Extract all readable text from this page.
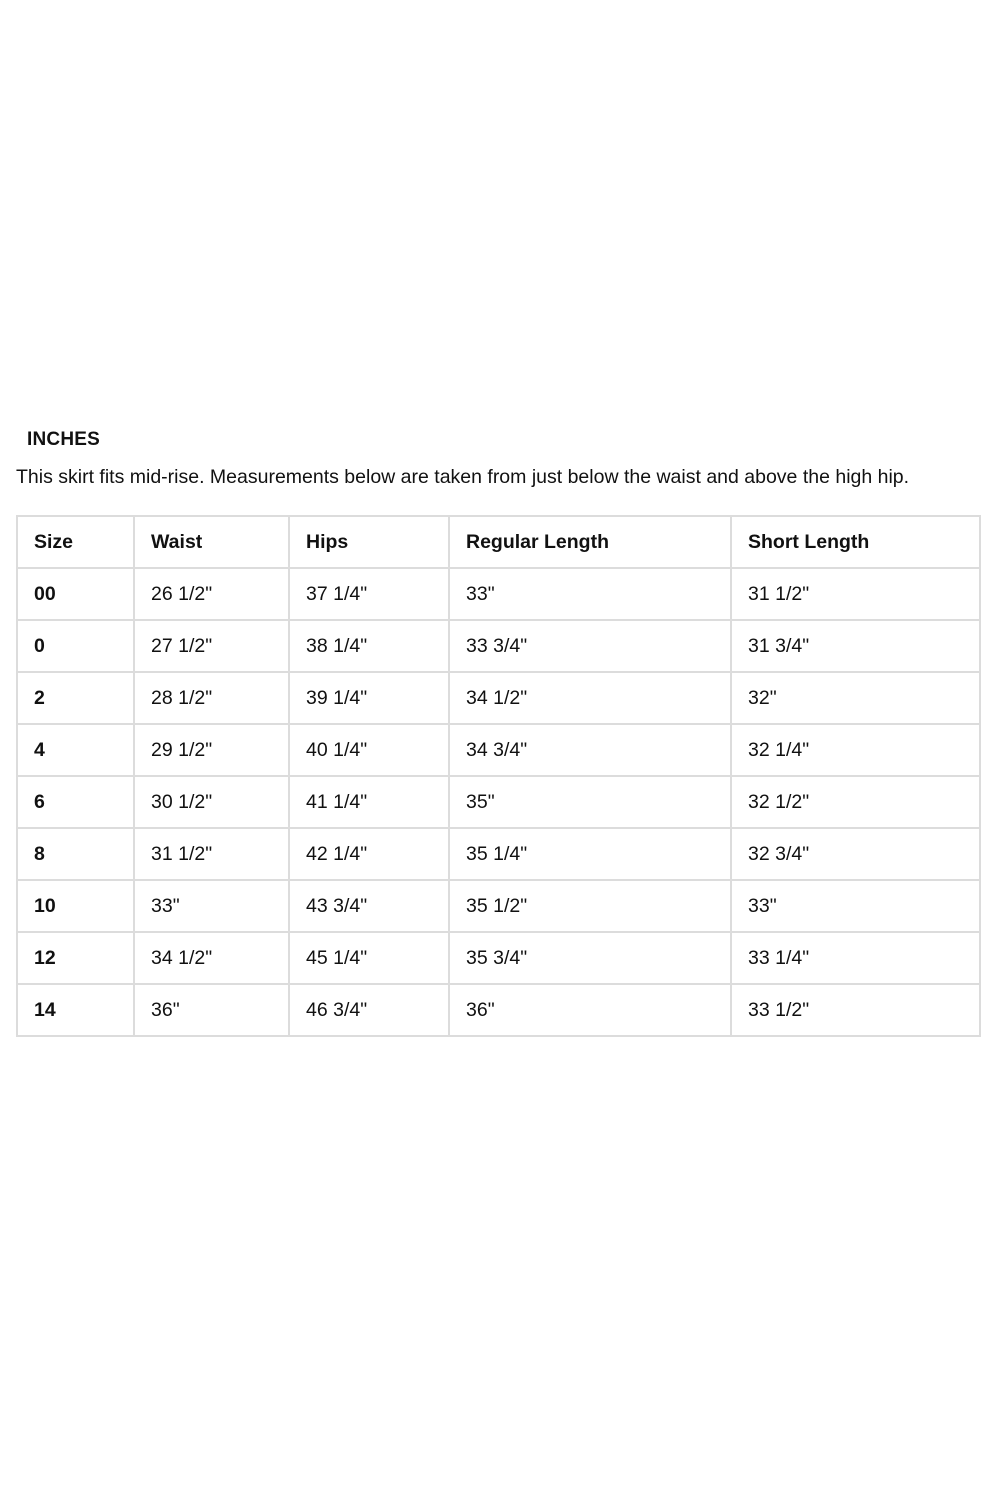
INCHES

This skirt fits mid-rise. Measurements below are taken from just below the waist and above the high hip.

Size	Waist	Hips	Regular Length	Short Length
00	26 1/2"	37 1/4"	33"	31 1/2"
0	27 1/2"	38 1/4"	33 3/4"	31 3/4"
2	28 1/2"	39 1/4"	34 1/2"	32"
4	29 1/2"	40 1/4"	34 3/4"	32 1/4"
6	30 1/2"	41 1/4"	35"	32 1/2"
8	31 1/2"	42 1/4"	35 1/4"	32 3/4"
10	33"	43 3/4"	35 1/2"	33"
12	34 1/2"	45 1/4"	35 3/4"	33 1/4"
14	36"	46 3/4"	36"	33 1/2"
